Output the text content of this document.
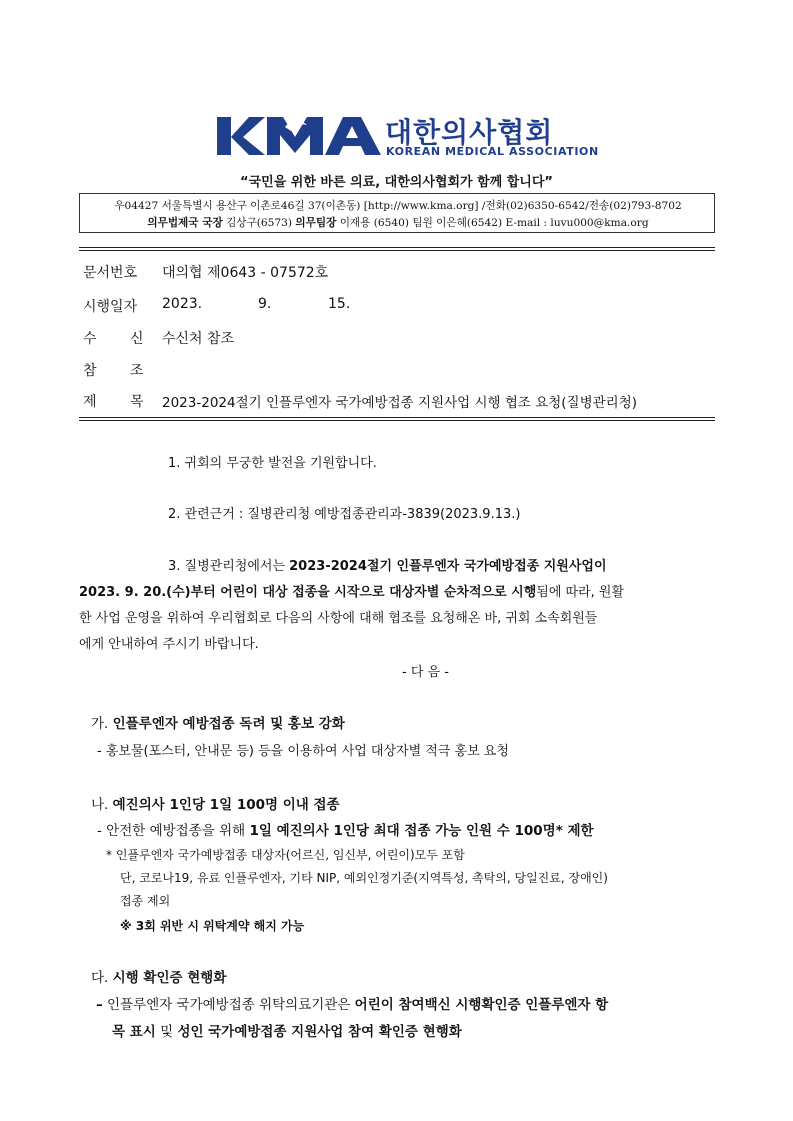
대한의사협회
KOREAN MEDICAL ASSOCIATION
“국민을 위한 바른 의료, 대한의사협회가 함께 합니다”
우04427 서울특별시 용산구 이촌로46길 37(이촌동) [http://www.kma.org] /전화(02)6350-6542/전송(02)793-8702
의무법제국 국장 김상구(6573) 의무팀장 이재용 (6540) 팀원 이은혜(6542) E-mail : luvu000@kma.org
문서번호 대의협 제0643 - 07572호
시행일자 2023.	9.	15.
수 신 수신처 참조
참 조
제 목 2023-2024절기 인플루엔자 국가예방접종 지원사업 시행 협조 요청(질병관리청)
1. 귀회의 무궁한 발전을 기원합니다.
2. 관련근거 : 질병관리청 예방접종관리과-3839(2023.9.13.)
3. 질병관리청에서는 2023-2024절기 인플루엔자 국가예방접종 지원사업이
2023. 9. 20.(수)부터 어린이 대상 접종을 시작으로 대상자별 순차적으로 시행됨에 따라, 원활
한 사업 운영을 위하여 우리협회로 다음의 사항에 대해 협조를 요청해온 바, 귀회 소속회원들
에게 안내하여 주시기 바랍니다.
- 다 음 -
가. 인플루엔자 예방접종 독려 및 홍보 강화
- 홍보물(포스터, 안내문 등) 등을 이용하여 사업 대상자별 적극 홍보 요청
나. 예진의사 1인당 1일 100명 이내 접종
- 안전한 예방접종을 위해 1일 예진의사 1인당 최대 접종 가능 인원 수 100명* 제한
* 인플루엔자 국가예방접종 대상자(어르신, 임신부, 어린이)모두 포함
단, 코로나19, 유료 인플루엔자, 기타 NIP, 예외인정기준(지역특성, 촉탁의, 당일진료, 장애인)
접종 제외
※ 3회 위반 시 위탁계약 해지 가능
다. 시행 확인증 현행화
– 인플루엔자 국가예방접종 위탁의료기관은 어린이 참여백신 시행확인증 인플루엔자 항
목 표시 및 성인 국가예방접종 지원사업 참여 확인증 현행화
